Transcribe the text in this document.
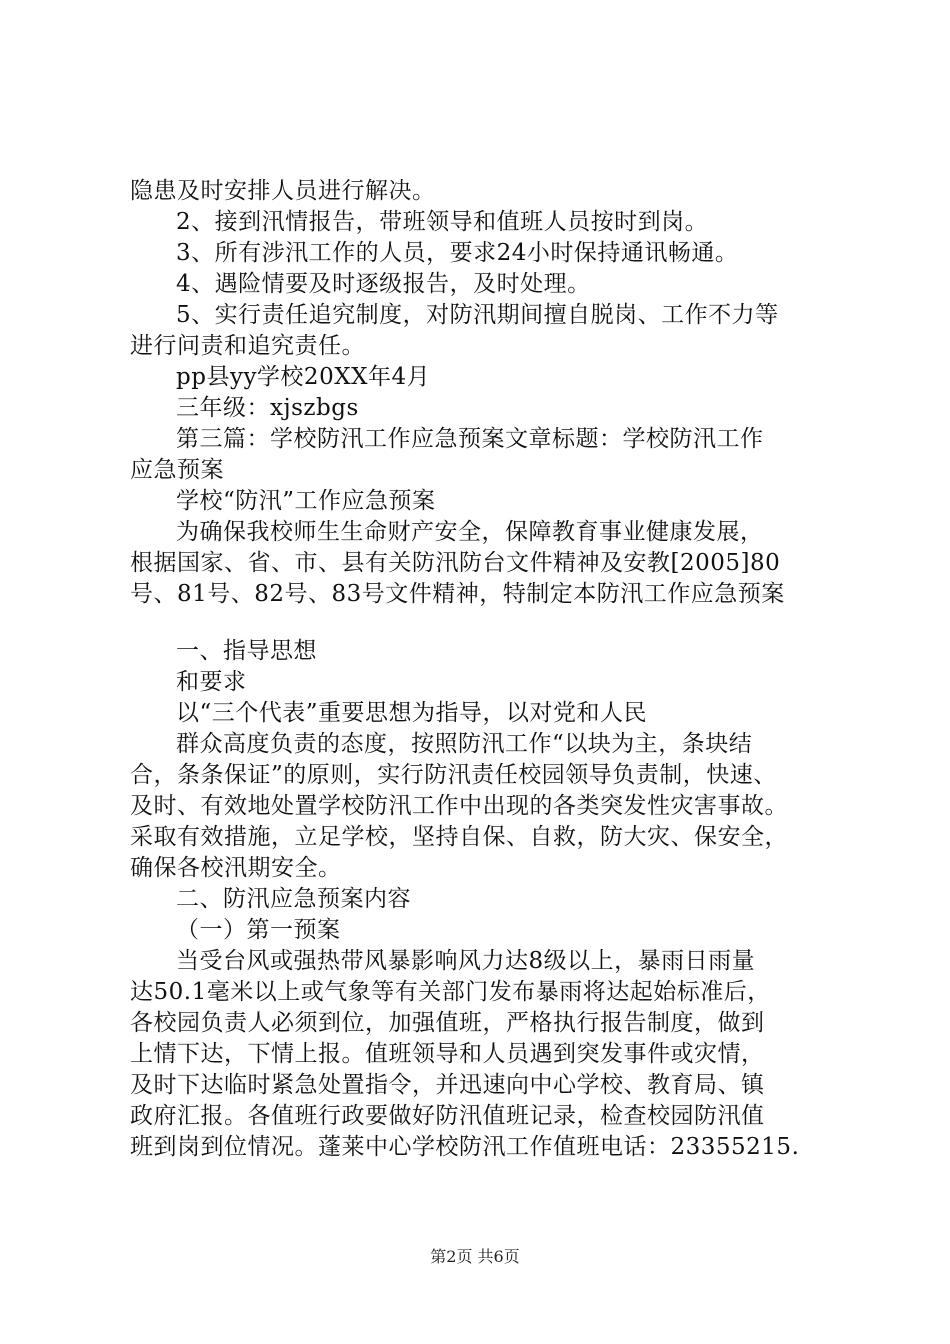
隐患及时安排人员进行解决。
2、接到汛情报告，带班领导和值班人员按时到岗。
3、所有涉汛工作的人员，要求24小时保持通讯畅通。
4、遇险情要及时逐级报告，及时处理。
5、实行责任追究制度，对防汛期间擅自脱岗、工作不力等
进行问责和追究责任。
pp县yy学校20XX年4月
三年级：xjszbgs
第三篇：学校防汛工作应急预案文章标题：学校防汛工作
应急预案
学校“防汛”工作应急预案
为确保我校师生生命财产安全，保障教育事业健康发展，
根据国家、省、市、县有关防汛防台文件精神及安教[2005]80
号、81号、82号、83号文件精神，特制定本防汛工作应急预案
一、指导思想
和要求
以“三个代表”重要思想为指导，以对党和人民
群众高度负责的态度，按照防汛工作“以块为主，条块结
合，条条保证”的原则，实行防汛责任校园领导负责制，快速、
及时、有效地处置学校防汛工作中出现的各类突发性灾害事故。
采取有效措施，立足学校，坚持自保、自救，防大灾、保安全，
确保各校汛期安全。
二、防汛应急预案内容
（一）第一预案
当受台风或强热带风暴影响风力达8级以上，暴雨日雨量
达50.1毫米以上或气象等有关部门发布暴雨将达起始标准后，
各校园负责人必须到位，加强值班，严格执行报告制度，做到
上情下达，下情上报。值班领导和人员遇到突发事件或灾情，
及时下达临时紧急处置指令，并迅速向中心学校、教育局、镇
政府汇报。各值班行政要做好防汛值班记录，检查校园防汛值
班到岗到位情况。蓬莱中心学校防汛工作值班电话：23355215.
第2页 共6页
